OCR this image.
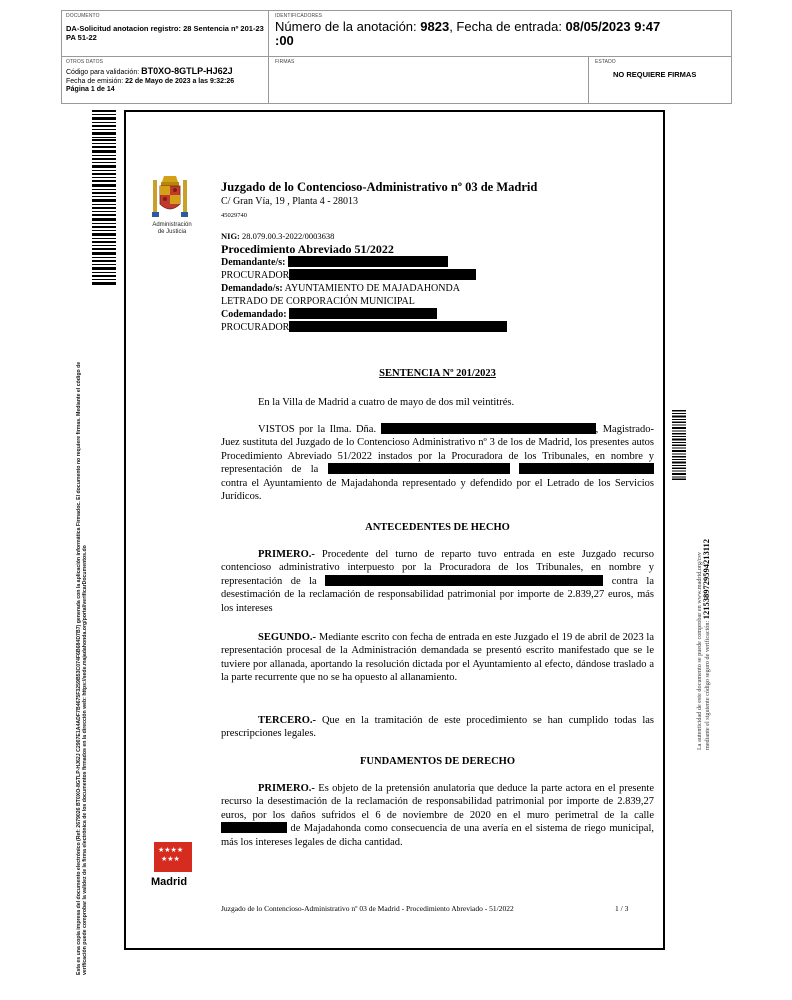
DOCUMENTO
DA-Solicitud anotacion registro: 28 Sentencia nº 201-23 PA 51-22
IDENTIFICADORES
Número de la anotación: 9823, Fecha de entrada: 08/05/2023 9:47
:00
OTROS DATOS
Código para validación: BT0XO-8GTLP-HJ62J
Fecha de emisión: 22 de Mayo de 2023 a las 9:32:26
Página 1 de 14
FIRMAS	ESTADO
NO REQUIERE FIRMAS
Esta es una copia impresa del documento electrónico (Ref: 2679026 BT0XO-8GTLP-HJ62J C2907E1A4ADF7B4675F3259B53C074F6B684D7B7) generada con la aplicación informática Firmadoc. El documento no requiere firmas. Mediante el código de verificación puede comprobar la validez de la firma electrónica de los documentos firmados en la dirección web: https://sede.majadahonda.org/portal/verificarDocumentos.do
Administración
de Justicia
Juzgado de lo Contencioso-Administrativo nº 03 de Madrid
C/ Gran Vía, 19 , Planta 4 - 28013
45029740
NIG: 28.079.00.3-2022/0003638
Procedimiento Abreviado 51/2022
Demandante/s:
PROCURADOR
Demandado/s: AYUNTAMIENTO DE MAJADAHONDA
LETRADO DE CORPORACIÓN MUNICIPAL
Codemandado:
PROCURADOR
SENTENCIA Nº 201/2023
En la Villa de Madrid a cuatro de mayo de dos mil veintitrés.
VISTOS por la Ilma. Dña.	, Magistrado- Juez sustituta del Juzgado de lo Contencioso Administrativo nº 3 de los de Madrid, los presentes autos Procedimiento Abreviado 51/2022 instados por la Procuradora de los Tribunales, en nombre y representación de la   contra el Ayuntamiento de Majadahonda representado y defendido por el Letrado de los Servicios Jurídicos.
ANTECEDENTES DE HECHO
PRIMERO.- Procedente del turno de reparto tuvo entrada en este Juzgado recurso contencioso administrativo interpuesto por la Procuradora de los Tribunales, en nombre y representación de la	contra la desestimación de la reclamación de responsabilidad patrimonial por importe de 2.839,27 euros, más los intereses
SEGUNDO.- Mediante escrito con fecha de entrada en este Juzgado el 19 de abril de 2023 la representación procesal de la Administración demandada se presentó escrito manifestado que se le tuviere por allanada, aportando la resolución dictada por el Ayuntamiento al efecto, dándose traslado a la parte recurrente que no se ha opuesto al allanamiento.
TERCERO.- Que en la tramitación de este procedimiento se han cumplido todas las prescripciones legales.
FUNDAMENTOS DE DERECHO
PRIMERO.- Es objeto de la pretensión anulatoria que deduce la parte actora en el presente recurso la desestimación de la reclamación de responsabilidad patrimonial por importe de 2.839,27 euros, por los daños sufridos el 6 de noviembre de 2020 en el muro perimetral de la calle  de Majadahonda como consecuencia de una avería en el sistema de riego municipal, más los intereses legales de dicha cantidad.
★★★★
★★★
Madrid
Juzgado de lo Contencioso-Administrativo nº 03 de Madrid - Procedimiento Abreviado - 51/2022	1 / 3
La autenticidad de este documento se puede comprobar en www.madrid.org/csv mediante el siguiente código seguro de verificación: 1215389729594213112
